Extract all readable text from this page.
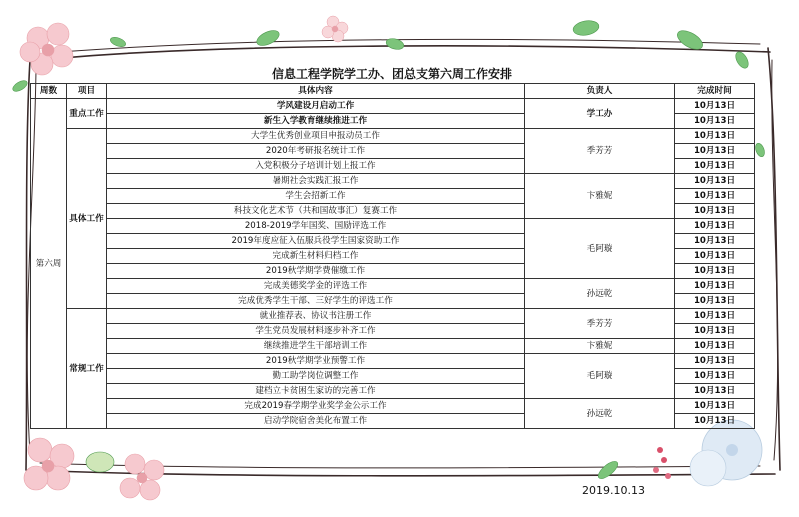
信息工程学院学工办、团总支第六周工作安排
周数	项目	具体内容	负责人	完成时间
第六周	重点工作	学风建设月启动工作	学工办	10月13日
		新生入学教育继续推进工作		10月13日
	具体工作	大学生优秀创业项目申报动员工作	季芳芳	10月13日
		2020年考研报名统计工作		10月13日
		入党积极分子培训计划上报工作		10月13日
		暑期社会实践汇报工作	卞雅妮	10月13日
		学生会招新工作		10月13日
		科技文化艺术节（共和国故事汇）复赛工作		10月13日
		2018-2019学年国奖、国励评选工作	毛阿璇	10月13日
		2019年度应征入伍服兵役学生国家资助工作		10月13日
		完成新生材料归档工作		10月13日
		2019秋学期学费催缴工作		10月13日
		完成美德奖学金的评选工作	孙远乾	10月13日
		完成优秀学生干部、三好学生的评选工作		10月13日
	常规工作	就业推荐表、协议书注册工作	季芳芳	10月13日
		学生党员发展材料逐步补齐工作		10月13日
		继续推进学生干部培训工作	卞雅妮	10月13日
		2019秋学期学业预警工作	毛阿璇	10月13日
		勤工助学岗位调整工作		10月13日
		建档立卡贫困生家访的完善工作		10月13日
		完成2019春学期学业奖学金公示工作	孙远乾	10月13日
		启动学院宿舍美化布置工作		10月13日
2019.10.13
